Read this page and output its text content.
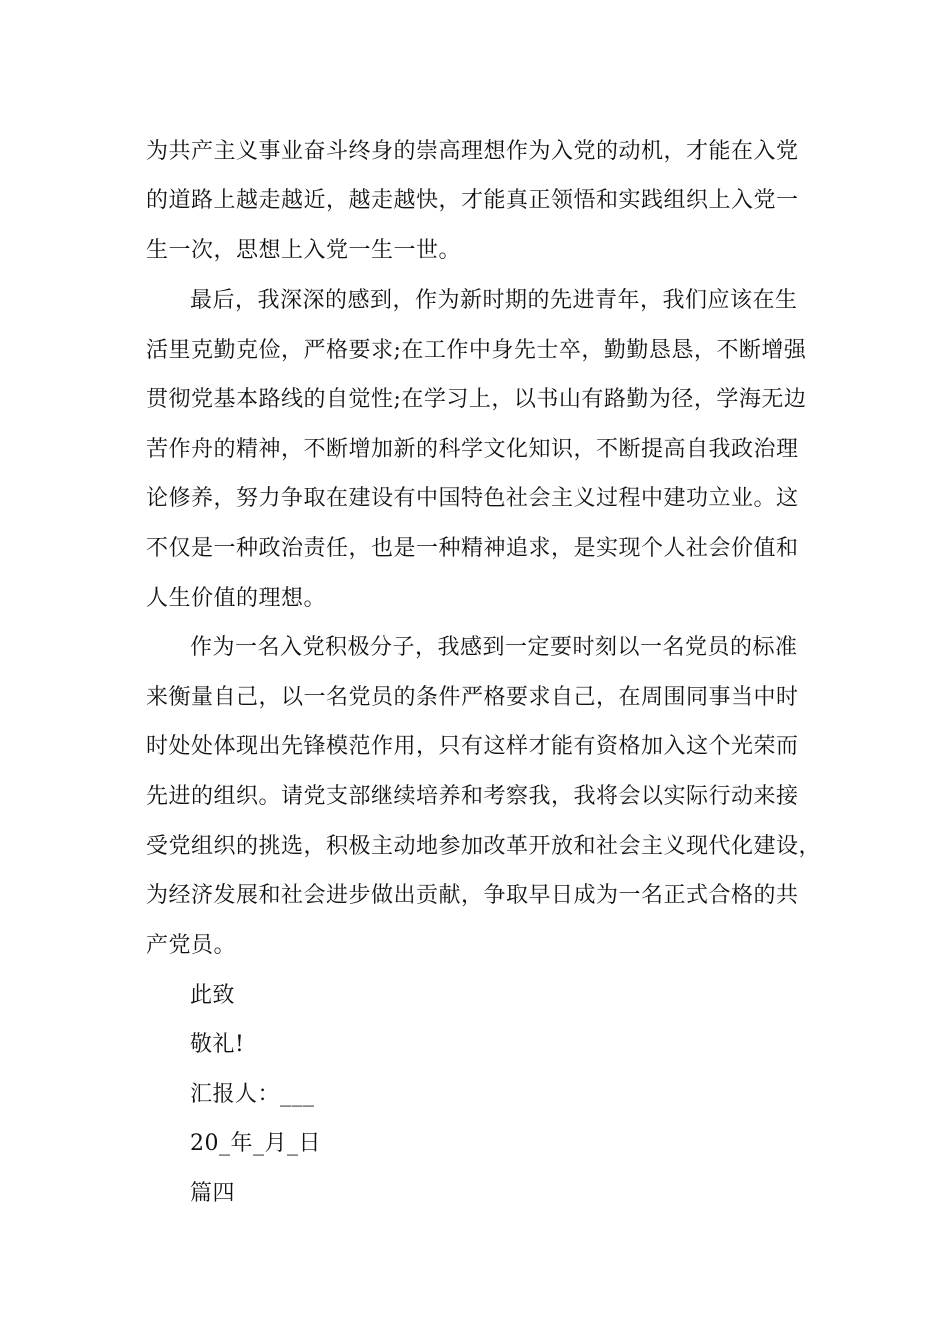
为共产主义事业奋斗终身的崇高理想作为入党的动机，才能在入党
的道路上越走越近，越走越快，才能真正领悟和实践组织上入党一
生一次，思想上入党一生一世。
最后，我深深的感到，作为新时期的先进青年，我们应该在生
活里克勤克俭，严格要求;在工作中身先士卒，勤勤恳恳，不断增强
贯彻党基本路线的自觉性;在学习上，以书山有路勤为径，学海无边
苦作舟的精神，不断增加新的科学文化知识，不断提高自我政治理
论修养，努力争取在建设有中国特色社会主义过程中建功立业。这
不仅是一种政治责任，也是一种精神追求，是实现个人社会价值和
人生价值的理想。
作为一名入党积极分子，我感到一定要时刻以一名党员的标准
来衡量自己，以一名党员的条件严格要求自己，在周围同事当中时
时处处体现出先锋模范作用，只有这样才能有资格加入这个光荣而
先进的组织。请党支部继续培养和考察我，我将会以实际行动来接
受党组织的挑选，积极主动地参加改革开放和社会主义现代化建设，
为经济发展和社会进步做出贡献，争取早日成为一名正式合格的共
产党员。
此致
敬礼!
汇报人：___
20_年_月_日
篇四
